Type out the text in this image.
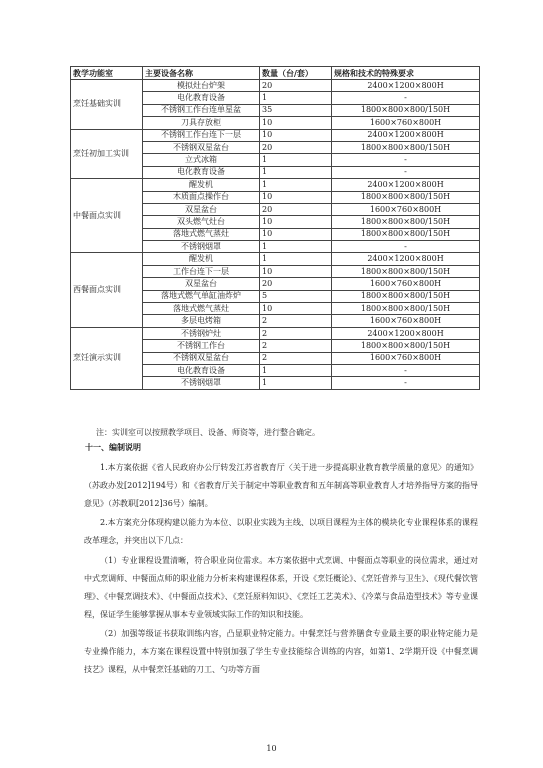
教学功能室	主要设备名称	数量（台/套）	规格和技术的特殊要求
烹饪基础实训	模拟灶台炉架	20	2400×1200×800H
	电化教育设备	1	-
	不锈钢工作台连单星盆	35	1800×800×800/150H
	刀具存放柜	10	1600×760×800H
烹饪初加工实训	不锈钢工作台连下一层	10	2400×1200×800H
	不锈钢双星盆台	20	1800×800×800/150H
	立式冰箱	1	-
	电化教育设备	1	-
中餐面点实训	醒发机	1	2400×1200×800H
	木质面点操作台	10	1800×800×800/150H
	双星盆台	20	1600×760×800H
	双头燃气灶台	10	1800×800×800/150H
	落地式燃气蒸灶	10	1800×800×800/150H
	不锈钢烟罩	1	-
西餐面点实训	醒发机	1	2400×1200×800H
	工作台连下一层	10	1800×800×800/150H
	双星盆台	20	1600×760×800H
	落地式燃气单缸油炸炉	5	1800×800×800/150H
	落地式燃气蒸灶	10	1800×800×800/150H
	多层电烤箱	2	1600×760×800H
烹饪演示实训	不锈钢炉灶	2	2400×1200×800H
	不锈钢工作台	2	1800×800×800/150H
	不锈钢双星盆台	2	1600×760×800H
	电化教育设备	1	-
	不锈钢烟罩	1	-
注：实训室可以按照教学项目、设备、师资等，进行整合确定。
十一、编制说明
1.本方案依据《省人民政府办公厅转发江苏省教育厅〈关于进一步提高职业教育教学质量的意见〉的通知》（苏政办发[2012]194号）和《省教育厅关于制定中等职业教育和五年制高等职业教育人才培养指导方案的指导意见》（苏教职[2012]36号）编制。
2.本方案充分体现构建以能力为本位、以职业实践为主线、以项目课程为主体的模块化专业课程体系的课程改革理念，并突出以下几点：
（1）专业课程设置清晰，符合职业岗位需求。本方案依据中式烹调、中餐面点等职业的岗位需求，通过对中式烹调师、中餐面点师的职业能力分析来构建课程体系，开设《烹饪概论》、《烹饪营养与卫生》、《现代餐饮管理》、《中餐烹调技术》、《中餐面点技术》、《烹饪原料知识》、《烹饪工艺美术》、《冷菜与食品造型技术》等专业课程，保证学生能够掌握从事本专业领域实际工作的知识和技能。
（2）加强等级证书获取训练内容，凸显职业特定能力。中餐烹饪与营养膳食专业最主要的职业特定能力是专业操作能力，本方案在课程设置中特别加强了学生专业技能综合训练的内容，如第1、2学期开设《中餐烹调技艺》课程，从中餐烹饪基础的刀工、勺功等方面
10
